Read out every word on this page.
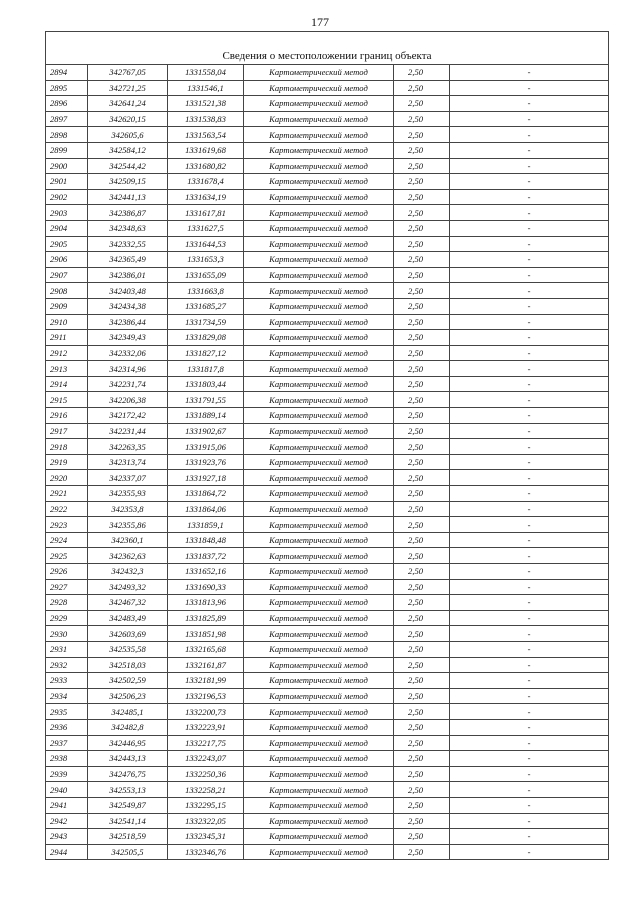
177
Сведения о местоположении границ объекта					
2894	342767,05	1331558,04	Картометрический метод	2,50	-
2895	342721,25	1331546,1	Картометрический метод	2,50	-
2896	342641,24	1331521,38	Картометрический метод	2,50	-
2897	342620,15	1331538,83	Картометрический метод	2,50	-
2898	342605,6	1331563,54	Картометрический метод	2,50	-
2899	342584,12	1331619,68	Картометрический метод	2,50	-
2900	342544,42	1331680,82	Картометрический метод	2,50	-
2901	342509,15	1331678,4	Картометрический метод	2,50	-
2902	342441,13	1331634,19	Картометрический метод	2,50	-
2903	342386,87	1331617,81	Картометрический метод	2,50	-
2904	342348,63	1331627,5	Картометрический метод	2,50	-
2905	342332,55	1331644,53	Картометрический метод	2,50	-
2906	342365,49	1331653,3	Картометрический метод	2,50	-
2907	342386,01	1331655,09	Картометрический метод	2,50	-
2908	342403,48	1331663,8	Картометрический метод	2,50	-
2909	342434,38	1331685,27	Картометрический метод	2,50	-
2910	342386,44	1331734,59	Картометрический метод	2,50	-
2911	342349,43	1331829,08	Картометрический метод	2,50	-
2912	342332,06	1331827,12	Картометрический метод	2,50	-
2913	342314,96	1331817,8	Картометрический метод	2,50	-
2914	342231,74	1331803,44	Картометрический метод	2,50	-
2915	342206,38	1331791,55	Картометрический метод	2,50	-
2916	342172,42	1331889,14	Картометрический метод	2,50	-
2917	342231,44	1331902,67	Картометрический метод	2,50	-
2918	342263,35	1331915,06	Картометрический метод	2,50	-
2919	342313,74	1331923,76	Картометрический метод	2,50	-
2920	342337,07	1331927,18	Картометрический метод	2,50	-
2921	342355,93	1331864,72	Картометрический метод	2,50	-
2922	342353,8	1331864,06	Картометрический метод	2,50	-
2923	342355,86	1331859,1	Картометрический метод	2,50	-
2924	342360,1	1331848,48	Картометрический метод	2,50	-
2925	342362,63	1331837,72	Картометрический метод	2,50	-
2926	342432,3	1331652,16	Картометрический метод	2,50	-
2927	342493,32	1331690,33	Картометрический метод	2,50	-
2928	342467,32	1331813,96	Картометрический метод	2,50	-
2929	342483,49	1331825,89	Картометрический метод	2,50	-
2930	342603,69	1331851,98	Картометрический метод	2,50	-
2931	342535,58	1332165,68	Картометрический метод	2,50	-
2932	342518,03	1332161,87	Картометрический метод	2,50	-
2933	342502,59	1332181,99	Картометрический метод	2,50	-
2934	342506,23	1332196,53	Картометрический метод	2,50	-
2935	342485,1	1332200,73	Картометрический метод	2,50	-
2936	342482,8	1332223,91	Картометрический метод	2,50	-
2937	342446,95	1332217,75	Картометрический метод	2,50	-
2938	342443,13	1332243,07	Картометрический метод	2,50	-
2939	342476,75	1332250,36	Картометрический метод	2,50	-
2940	342553,13	1332258,21	Картометрический метод	2,50	-
2941	342549,87	1332295,15	Картометрический метод	2,50	-
2942	342541,14	1332322,05	Картометрический метод	2,50	-
2943	342518,59	1332345,31	Картометрический метод	2,50	-
2944	342505,5	1332346,76	Картометрический метод	2,50	-
